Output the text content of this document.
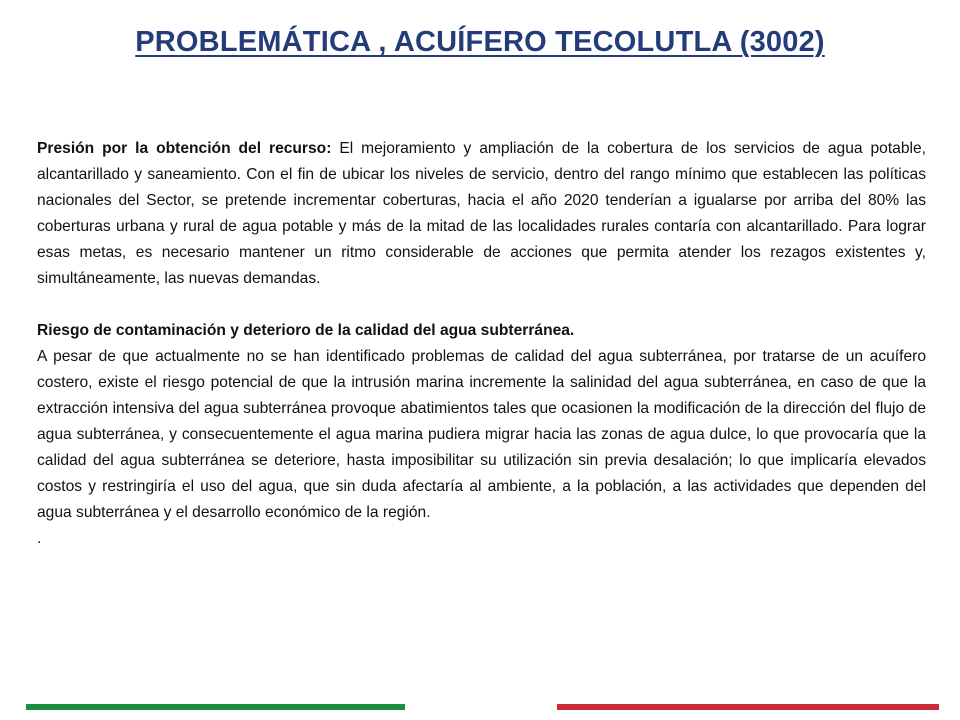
PROBLEMÁTICA , ACUÍFERO TECOLUTLA (3002)

Presión por la obtención del recurso: El mejoramiento y ampliación de la cobertura de los servicios de agua potable, alcantarillado y saneamiento. Con el fin de ubicar los niveles de servicio, dentro del rango mínimo que establecen las políticas nacionales del Sector, se pretende incrementar coberturas, hacia el año 2020 tenderían a igualarse por arriba del 80% las coberturas urbana y rural de agua potable y más de la mitad de las localidades rurales contaría con alcantarillado. Para lograr esas metas, es necesario mantener un ritmo considerable de acciones que permita atender los rezagos existentes y, simultáneamente, las nuevas demandas.

Riesgo de contaminación y deterioro de la calidad del agua subterránea.

A pesar de que actualmente no se han identificado problemas de calidad del agua subterránea, por tratarse de un acuífero costero, existe el riesgo potencial de que la intrusión marina incremente la salinidad del agua subterránea, en caso de que la extracción intensiva del agua subterránea provoque abatimientos tales que ocasionen la modificación de la dirección del flujo de agua subterránea, y consecuentemente el agua marina pudiera migrar hacia las zonas de agua dulce, lo que provocaría que la calidad del agua subterránea se deteriore, hasta imposibilitar su utilización sin previa desalación; lo que implicaría elevados costos y restringiría el uso del agua, que sin duda afectaría al ambiente, a la población, a las actividades que dependen del agua subterránea y el desarrollo económico de la región.

.
